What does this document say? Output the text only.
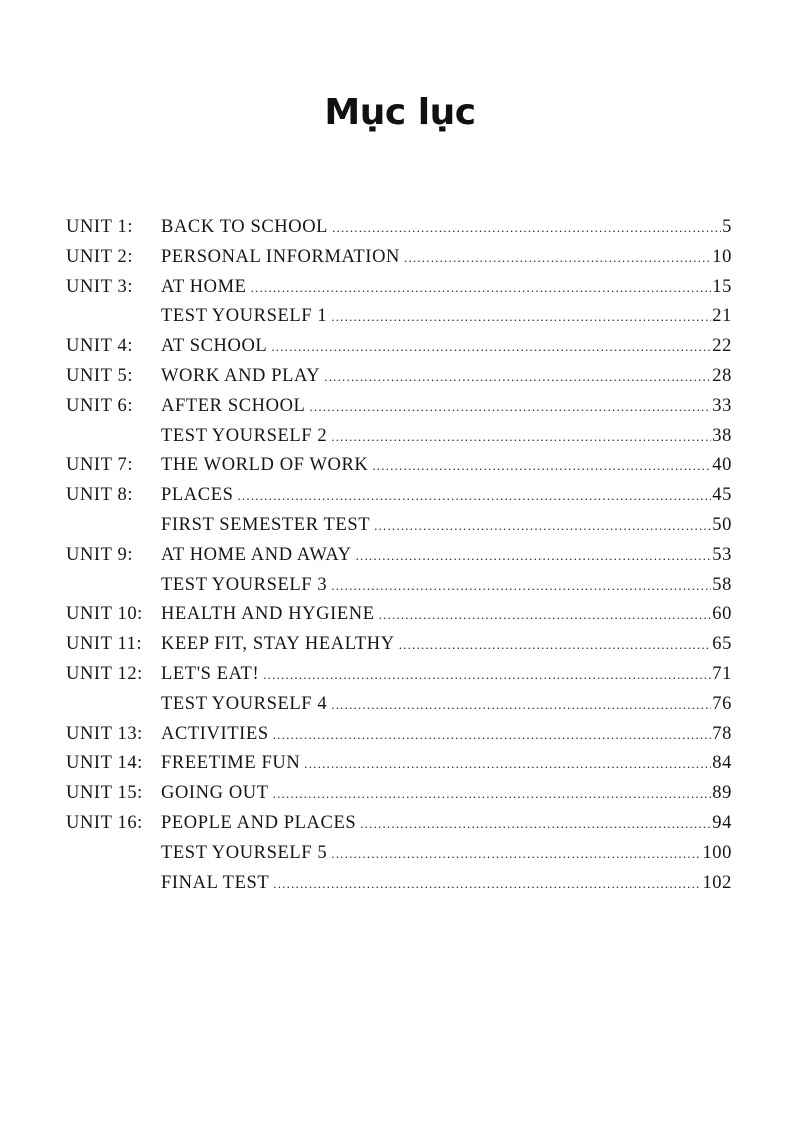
Mục lục
UNIT 1:	BACK TO SCHOOL .....	5
UNIT 2:	PERSONAL INFORMATION .....	10
UNIT 3:	AT HOME .....	15
TEST YOURSELF 1 .....	21
UNIT 4:	AT SCHOOL .....	22
UNIT 5:	WORK AND PLAY .....	28
UNIT 6:	AFTER SCHOOL .....	33
TEST YOURSELF 2 .....	38
UNIT 7:	THE WORLD OF WORK .....	40
UNIT 8:	PLACES .....	45
FIRST SEMESTER TEST .....	50
UNIT 9:	AT HOME AND AWAY .....	53
TEST YOURSELF 3 .....	58
UNIT 10: HEALTH AND HYGIENE .....	60
UNIT 11:	KEEP FIT, STAY HEALTHY .....	65
UNIT 12: LET'S EAT! .....	71
TEST YOURSELF 4 .....	76
UNIT 13: ACTIVITIES .....	78
UNIT 14: FREETIME FUN .....	84
UNIT 15: GOING OUT .....	89
UNIT 16: PEOPLE AND PLACES .....	94
TEST YOURSELF 5 .....	100
FINAL TEST .....	102
